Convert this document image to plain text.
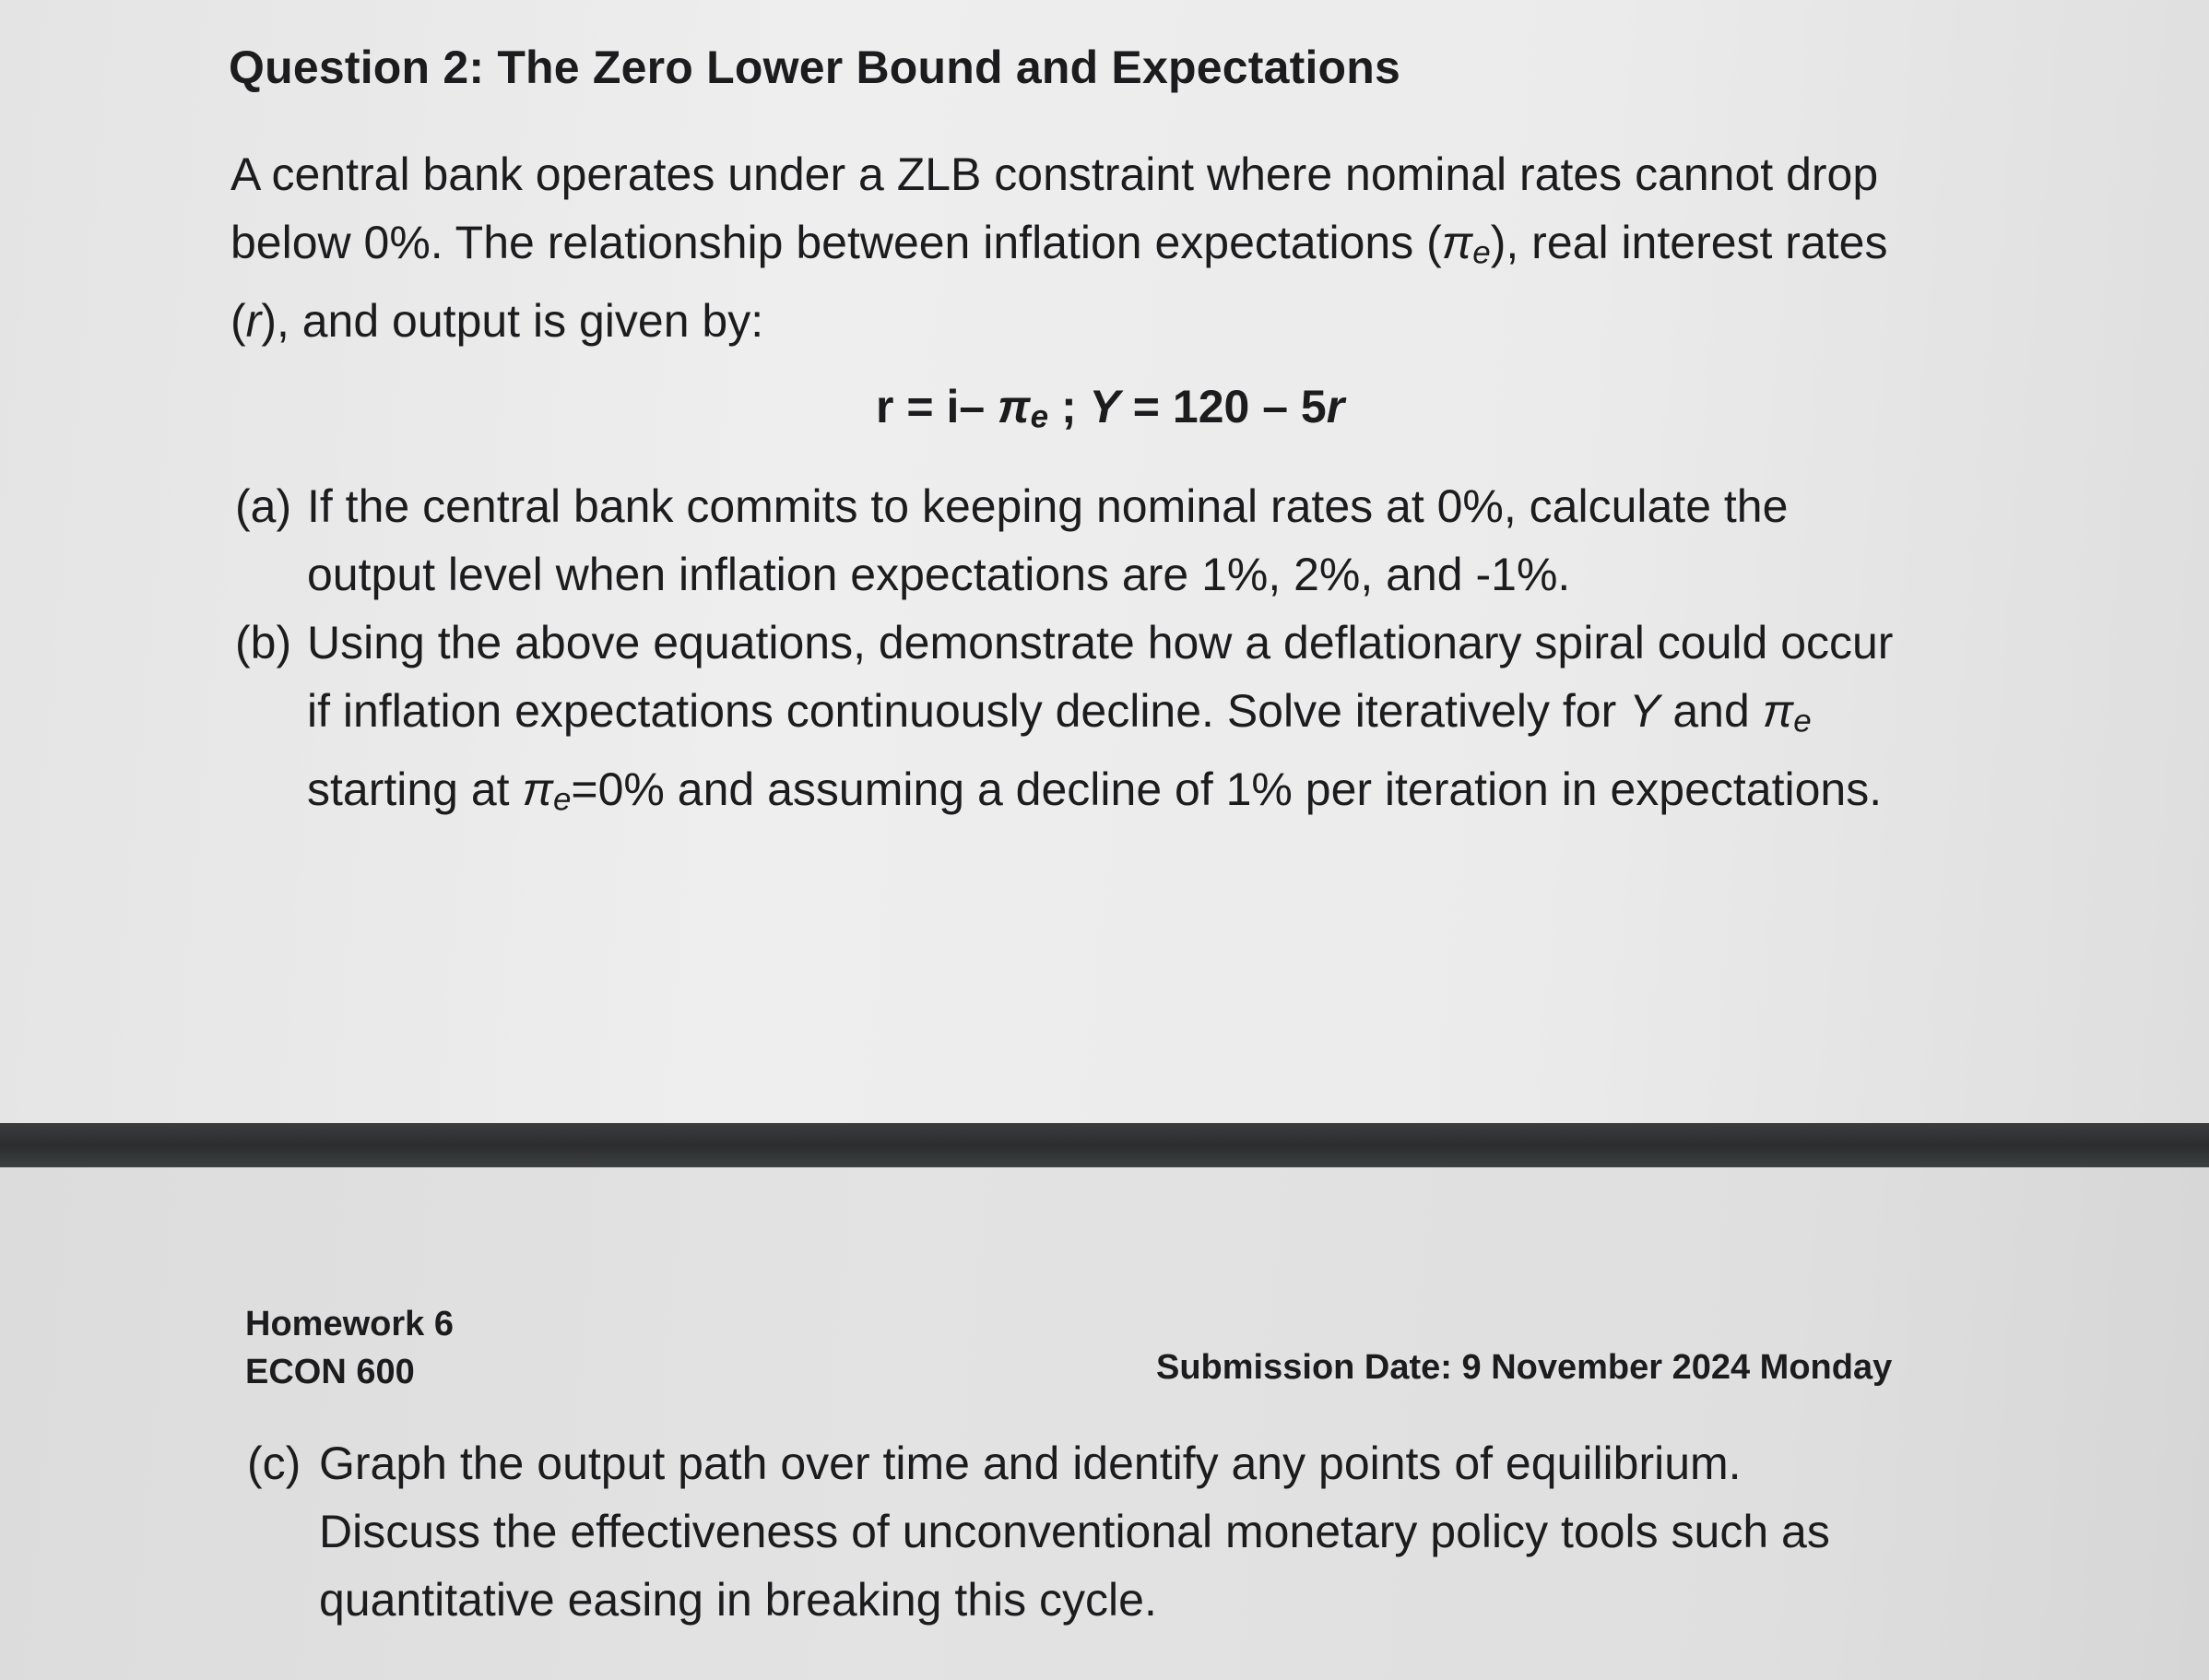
Question 2: The Zero Lower Bound and Expectations

A central bank operates under a ZLB constraint where nominal rates cannot drop

below 0%. The relationship between inflation expectations (πe), real interest rates

(r), and output is given by:

r = i– πe ; Y = 120 – 5r
(a) If the central bank commits to keeping nominal rates at 0%, calculate the
output level when inflation expectations are 1%, 2%, and -1%.
(b) Using the above equations, demonstrate how a deflationary spiral could occur
if inflation expectations continuously decline. Solve iteratively for Y and πe
starting at πe=0% and assuming a decline of 1% per iteration in expectations.
Homework 6
ECON 600	Submission Date: 9 November 2024 Monday
(c) Graph the output path over time and identify any points of equilibrium.
Discuss the effectiveness of unconventional monetary policy tools such as
quantitative easing in breaking this cycle.
